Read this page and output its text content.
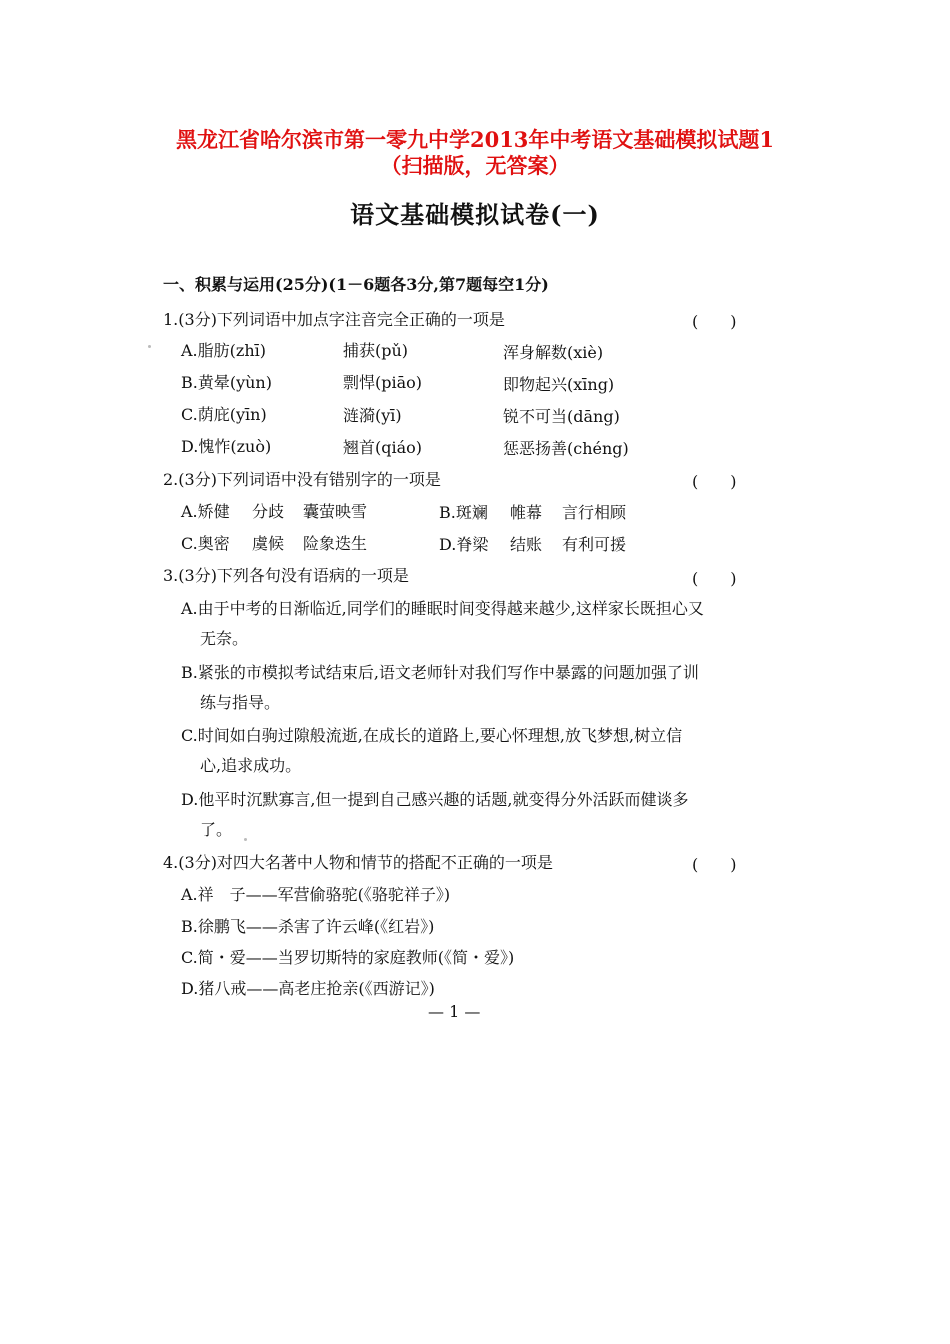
黑龙江省哈尔滨市第一零九中学2013年中考语文基础模拟试题1
（扫描版，无答案）
语文基础模拟试卷(一)
一、积累与运用(25分)(1－6题各3分,第7题每空1分)
1.(3分)下列词语中加点字注音完全正确的一项是	(　　)
A.脂肪(zhī)	捕获(pǔ)	浑身解数(xiè)
B.黄晕(yùn)	剽悍(piāo)	即物起兴(xīng)
C.荫庇(yīn)	涟漪(yī)	锐不可当(dāng)
D.愧怍(zuò)	翘首(qiáo)	惩恶扬善(chéng)
2.(3分)下列词语中没有错别字的一项是	(　　)
A.矫健 分歧 囊萤映雪	B.斑斓 帷幕 言行相顾
C.奥密 虞候 险象迭生	D.脊梁 结账 有利可援
3.(3分)下列各句没有语病的一项是	(　　)
A.由于中考的日渐临近,同学们的睡眠时间变得越来越少,这样家长既担心又
无奈。
B.紧张的市模拟考试结束后,语文老师针对我们写作中暴露的问题加强了训
练与指导。
C.时间如白驹过隙般流逝,在成长的道路上,要心怀理想,放飞梦想,树立信
心,追求成功。
D.他平时沉默寡言,但一提到自己感兴趣的话题,就变得分外活跃而健谈多
了。
4.(3分)对四大名著中人物和情节的搭配不正确的一项是	(　　)
A.祥　子——军营偷骆驼(《骆驼祥子》)
B.徐鹏飞——杀害了许云峰(《红岩》)
C.简・爱——当罗切斯特的家庭教师(《简・爱》)
D.猪八戒——高老庄抢亲(《西游记》)
— 1 —
